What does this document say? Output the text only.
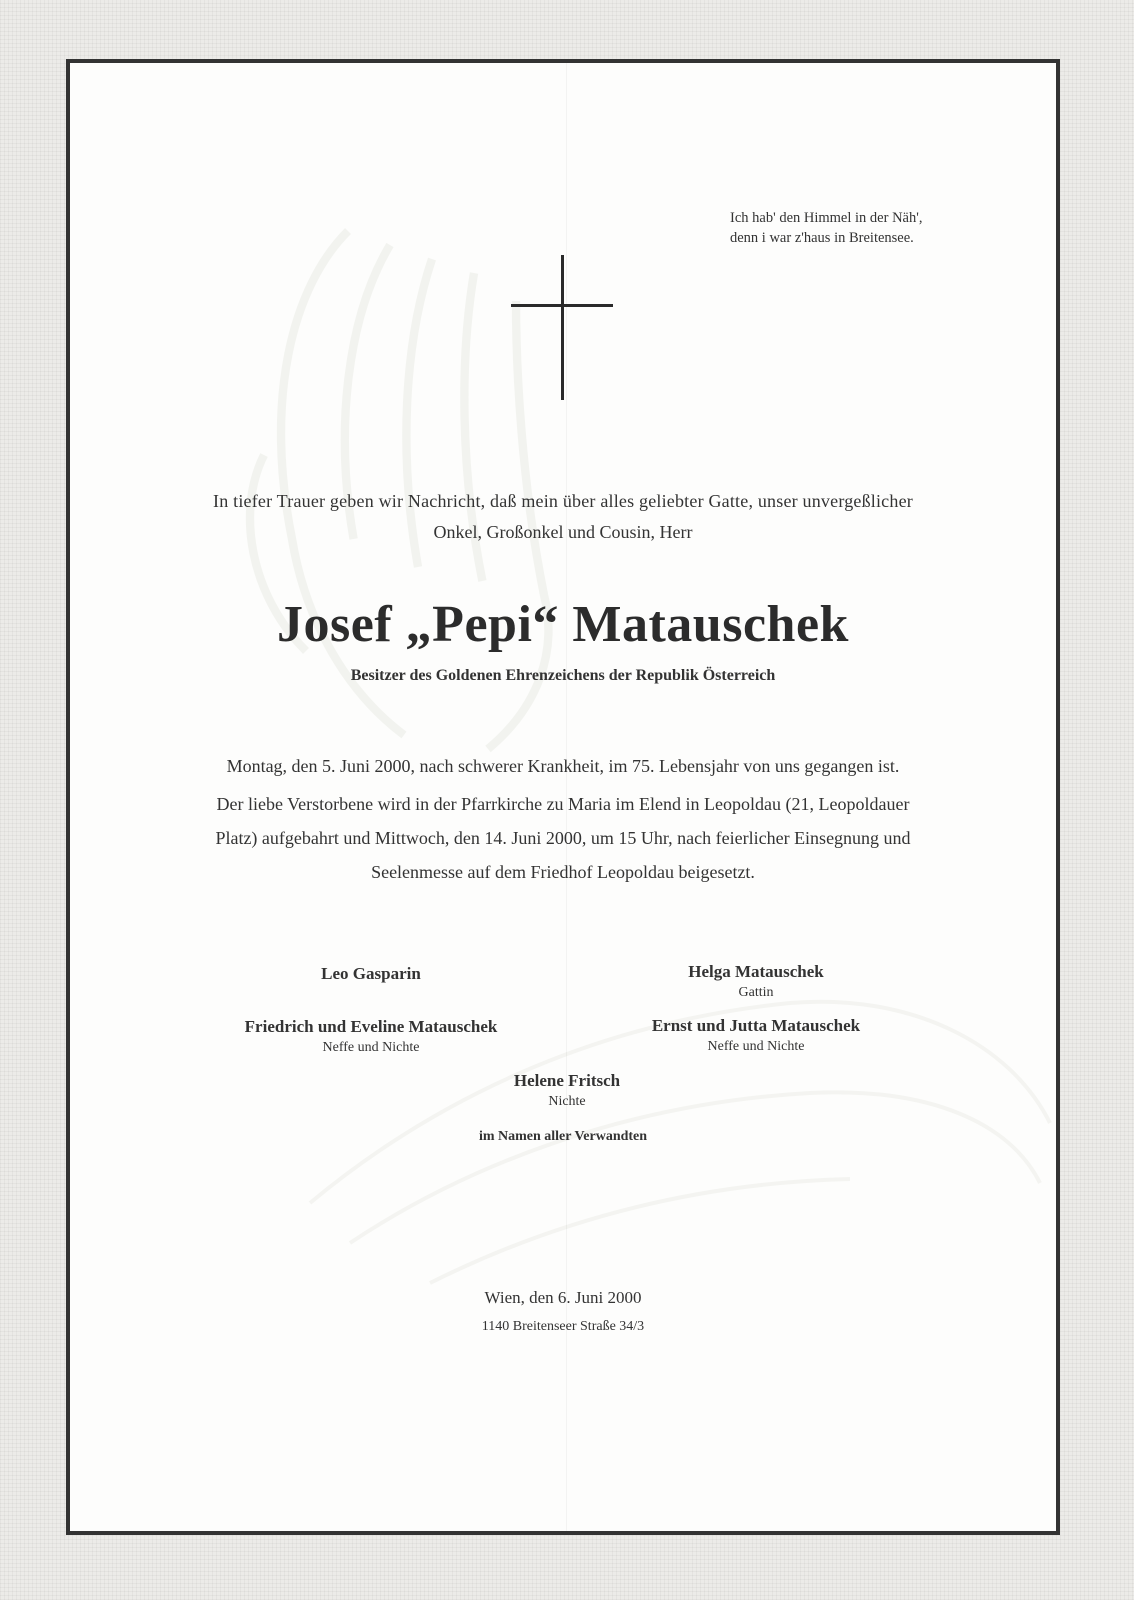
Ich hab' den Himmel in der Näh',
denn i war z'haus in Breitensee.
In tiefer Trauer geben wir Nachricht, daß mein über alles geliebter Gatte, unser unvergeßlicher
Onkel, Großonkel und Cousin, Herr
Josef „Pepi“ Matauschek
Besitzer des Goldenen Ehrenzeichens der Republik Österreich
Montag, den 5. Juni 2000, nach schwerer Krankheit, im 75. Lebensjahr von uns gegangen ist.
Der liebe Verstorbene wird in der Pfarrkirche zu Maria im Elend in Leopoldau (21, Leopoldauer
Platz) aufgebahrt und Mittwoch, den 14. Juni 2000, um 15 Uhr, nach feierlicher Einsegnung und
Seelenmesse auf dem Friedhof Leopoldau beigesetzt.
Leo Gasparin	Helga Matauschek
Gattin
Friedrich und Eveline Matauschek
Neffe und Nichte
Ernst und Jutta Matauschek
Neffe und Nichte
Helene Fritsch
Nichte
im Namen aller Verwandten
Wien, den 6. Juni 2000
1140 Breitenseer Straße 34/3
